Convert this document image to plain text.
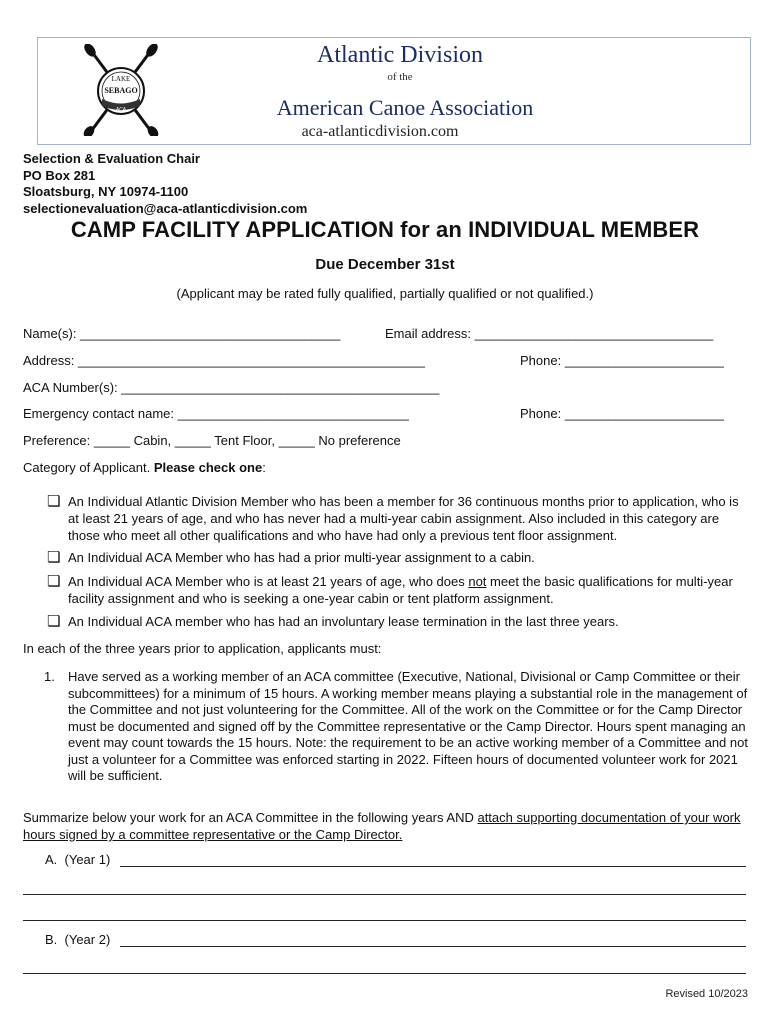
LAKE
SEBAGO
ACA
Atlantic Division
of the
American Canoe Association
aca-atlanticdivision.com
Selection & Evaluation Chair
PO Box 281
Sloatsburg, NY 10974-1100
selectionevaluation@aca-atlanticdivision.com
CAMP FACILITY APPLICATION for an INDIVIDUAL MEMBER
Due December 31st
(Applicant may be rated fully qualified, partially qualified or not qualified.)
Name(s): ____________________________________	Email address: _________________________________
Address: ________________________________________________	Phone: ______________________
ACA Number(s): ____________________________________________
Emergency contact name: ________________________________	Phone: ______________________
Preference: _____ Cabin, _____ Tent Floor, _____ No preference
Category of Applicant. Please check one:
❏ An Individual Atlantic Division Member who has been a member for 36 continuous months prior to application, who is at least 21 years of age, and who has never had a multi-year cabin assignment. Also included in this category are those who meet all other qualifications and who have had only a previous tent floor assignment.
❏ An Individual ACA Member who has had a prior multi-year assignment to a cabin.
❏ An Individual ACA Member who is at least 21 years of age, who does not meet the basic qualifications for multi-year facility assignment and who is seeking a one-year cabin or tent platform assignment.
❏ An Individual ACA member who has had an involuntary lease termination in the last three years.
In each of the three years prior to application, applicants must:
1.	Have served as a working member of an ACA committee (Executive, National, Divisional or Camp Committee or their subcommittees) for a minimum of 15 hours. A working member means playing a substantial role in the management of the Committee and not just volunteering for the Committee. All of the work on the Committee or for the Camp Director must be documented and signed off by the Committee representative or the Camp Director. Hours spent managing an event may count towards the 15 hours. Note: the requirement to be an active working member of a Committee and not just a volunteer for a Committee was enforced starting in 2022. Fifteen hours of documented volunteer work for 2021 will be sufficient.
Summarize below your work for an ACA Committee in the following years AND attach supporting documentation of your work hours signed by a committee representative or the Camp Director.
A.  (Year 1)
B.  (Year 2)
Revised 10/2023
